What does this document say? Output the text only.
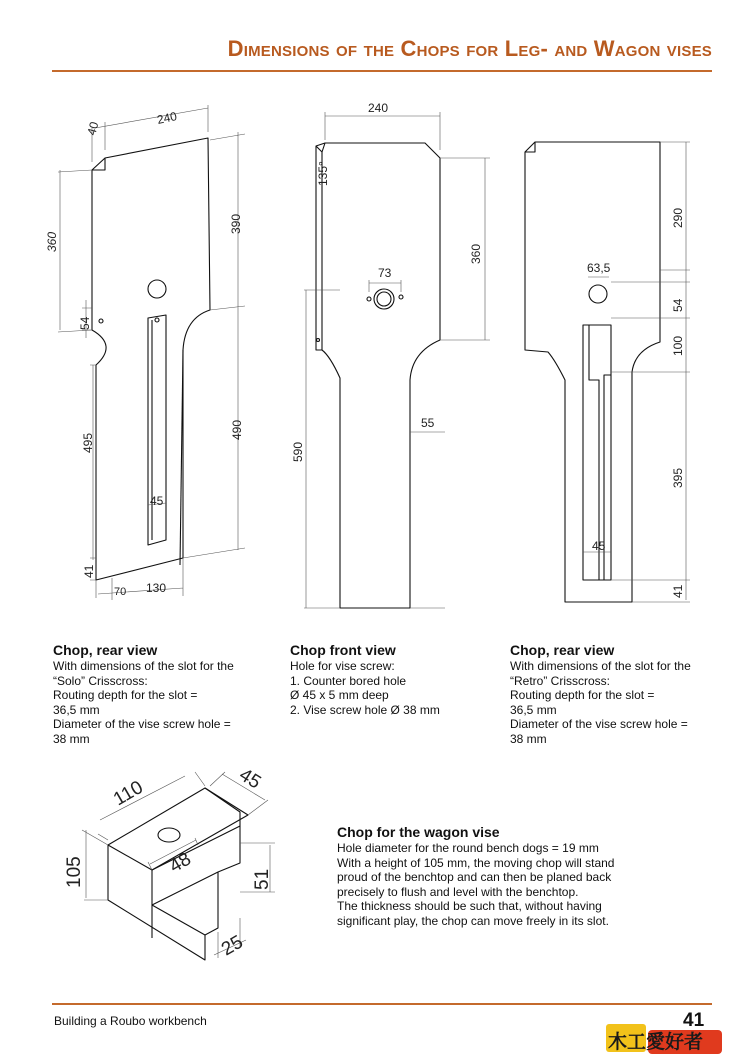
Dimensions of the Chops for Leg- and Wagon vises
240
40
360
390
54
490
495
45
41
70 130
240
135°
73
360
55
590
290
63,5
54
100
395
45
41
110	45
105	48
51
25
Chop, rear view
With dimensions of the slot for the
“Solo” Crisscross:
Routing depth for the slot =
36,5 mm
Diameter of the vise screw hole =
38 mm
Chop front view
Hole for vise screw:
1. Counter bored hole
Ø 45 x 5 mm deep
2. Vise screw hole Ø 38 mm
Chop, rear view
With dimensions of the slot for the
“Retro” Crisscross:
Routing depth for the slot =
36,5 mm
Diameter of the vise screw hole =
38 mm
Chop for the wagon vise
Hole diameter for the round bench dogs = 19 mm
With a height of 105 mm, the moving chop will stand
proud of the benchtop and can then be planed back
precisely to flush and level with the benchtop.
The thickness should be such that, without having
significant play, the chop can move freely in its slot.
Building a Roubo workbench
木工愛好者
41
